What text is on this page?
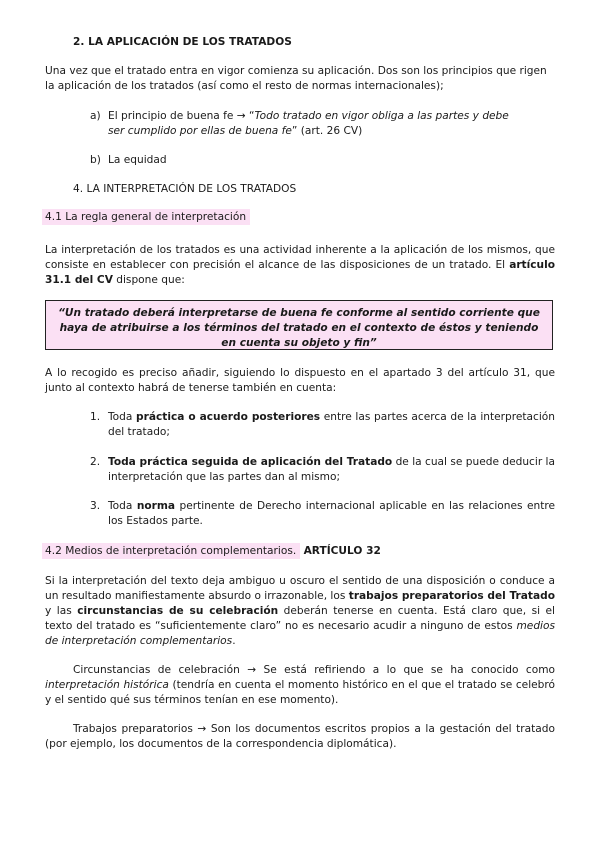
2. LA APLICACIÓN DE LOS TRATADOS
Una vez que el tratado entra en vigor comienza su aplicación. Dos son los principios que rigen la aplicación de los tratados (así como el resto de normas internacionales);
a) El principio de buena fe → “Todo tratado en vigor obliga a las partes y debe ser cumplido por ellas de buena fe” (art. 26 CV)
b) La equidad
4. LA INTERPRETACIÓN DE LOS TRATADOS
4.1 La regla general de interpretación
La interpretación de los tratados es una actividad inherente a la aplicación de los mismos, que consiste en establecer con precisión el alcance de las disposiciones de un tratado. El artículo 31.1 del CV dispone que:
“Un tratado deberá interpretarse de buena fe conforme al sentido corriente que haya de atribuirse a los términos del tratado en el contexto de éstos y teniendo en cuenta su objeto y fin”
A lo recogido es preciso añadir, siguiendo lo dispuesto en el apartado 3 del artículo 31, que junto al contexto habrá de tenerse también en cuenta:
1. Toda práctica o acuerdo posteriores entre las partes acerca de la interpretación del tratado;
2. Toda práctica seguida de aplicación del Tratado de la cual se puede deducir la interpretación que las partes dan al mismo;
3. Toda norma pertinente de Derecho internacional aplicable en las relaciones entre los Estados parte.
4.2 Medios de interpretación complementarios. ARTÍCULO 32
Si la interpretación del texto deja ambiguo u oscuro el sentido de una disposición o conduce a un resultado manifiestamente absurdo o irrazonable, los trabajos preparatorios del Tratado y las circunstancias de su celebración deberán tenerse en cuenta. Está claro que, si el texto del tratado es “suficientemente claro” no es necesario acudir a ninguno de estos medios de interpretación complementarios.
Circunstancias de celebración → Se está refiriendo a lo que se ha conocido como interpretación histórica (tendría en cuenta el momento histórico en el que el tratado se celebró y el sentido qué sus términos tenían en ese momento).
Trabajos preparatorios → Son los documentos escritos propios a la gestación del tratado (por ejemplo, los documentos de la correspondencia diplomática).
